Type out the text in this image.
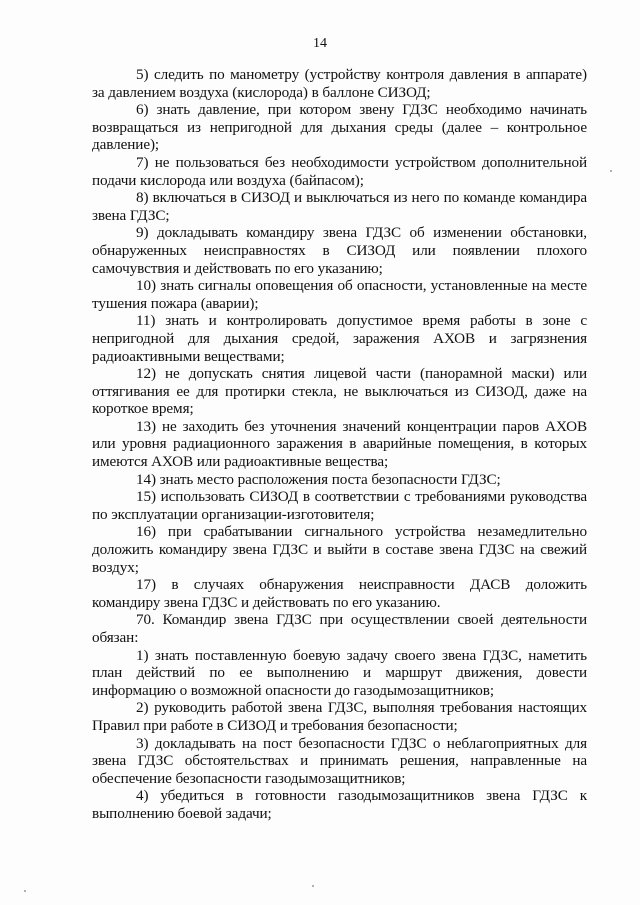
14

5) следить по манометру (устройству контроля давления в аппарате) за давлением воздуха (кислорода) в баллоне СИЗОД;

6) знать давление, при котором звену ГДЗС необходимо начинать возвращаться из непригодной для дыхания среды (далее – контрольное давление);

7) не пользоваться без необходимости устройством дополнительной подачи кислорода или воздуха (байпасом);

8) включаться в СИЗОД и выключаться из него по команде командира звена ГДЗС;

9) докладывать командиру звена ГДЗС об изменении обстановки, обнаруженных неисправностях в СИЗОД или появлении плохого самочувствия и действовать по его указанию;

10) знать сигналы оповещения об опасности, установленные на месте тушения пожара (аварии);

11) знать и контролировать допустимое время работы в зоне с непригодной для дыхания средой, заражения АХОВ и загрязнения радиоактивными веществами;

12) не допускать снятия лицевой части (панорамной маски) или оттягивания ее для протирки стекла, не выключаться из СИЗОД, даже на короткое время;

13) не заходить без уточнения значений концентрации паров АХОВ или уровня радиационного заражения в аварийные помещения, в которых имеются АХОВ или радиоактивные вещества;

14) знать место расположения поста безопасности ГДЗС;

15) использовать СИЗОД в соответствии с требованиями руководства по эксплуатации организации-изготовителя;

16) при срабатывании сигнального устройства незамедлительно доложить командиру звена ГДЗС и выйти в составе звена ГДЗС на свежий воздух;

17) в случаях обнаружения неисправности ДАСВ доложить командиру звена ГДЗС и действовать по его указанию.

70. Командир звена ГДЗС при осуществлении своей деятельности обязан:

1) знать поставленную боевую задачу своего звена ГДЗС, наметить план действий по ее выполнению и маршрут движения, довести информацию о возможной опасности до газодымозащитников;

2) руководить работой звена ГДЗС, выполняя требования настоящих Правил при работе в СИЗОД и требования безопасности;

3) докладывать на пост безопасности ГДЗС о неблагоприятных для звена ГДЗС обстоятельствах и принимать решения, направленные на обеспечение безопасности газодымозащитников;

4) убедиться в готовности газодымозащитников звена ГДЗС к выполнению боевой задачи;
